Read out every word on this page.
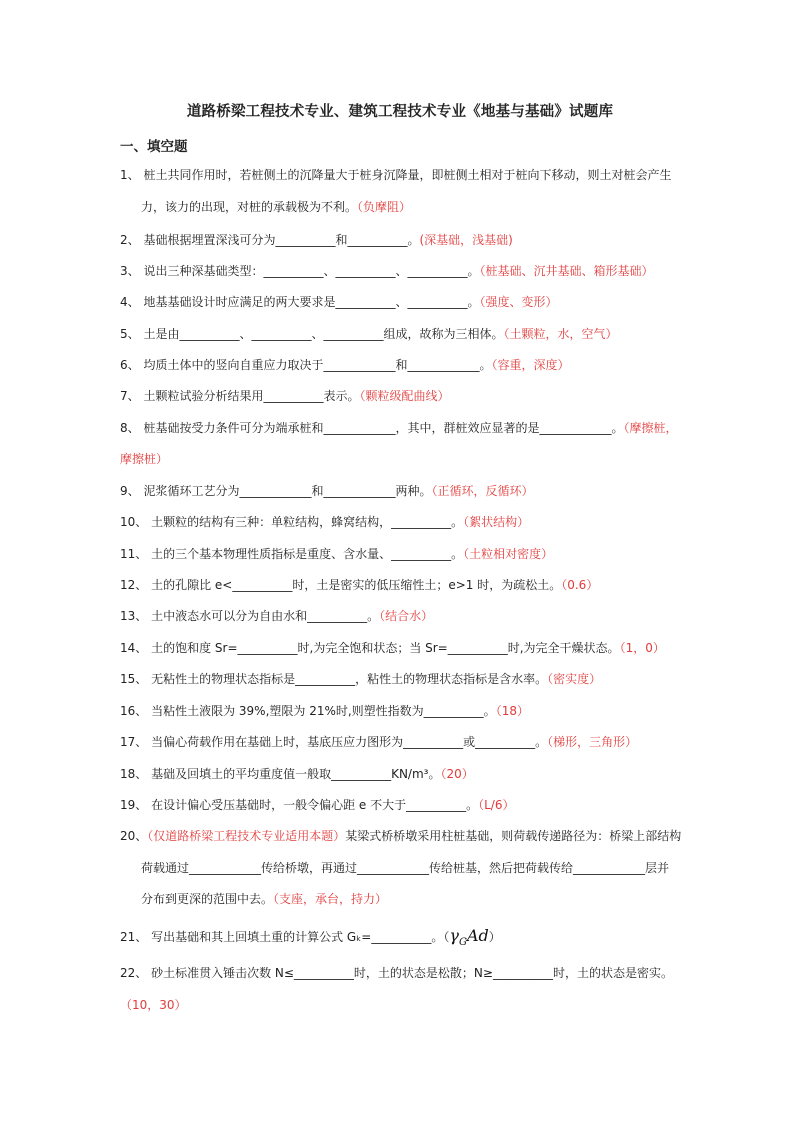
道路桥梁工程技术专业、建筑工程技术专业《地基与基础》试题库
一、填空题
1、 桩土共同作用时，若桩侧土的沉降量大于桩身沉降量，即桩侧土相对于桩向下移动，则土对桩会产生
力，该力的出现，对桩的承载极为不利。（负摩阻）
2、 基础根据埋置深浅可分为__________和__________。(深基础，浅基础)
3、 说出三种深基础类型：__________、__________、__________。（桩基础、沉井基础、箱形基础）
4、 地基基础设计时应满足的两大要求是__________、__________。（强度、变形）
5、 土是由__________、__________、__________组成，故称为三相体。（土颗粒，水，空气）
6、 均质土体中的竖向自重应力取决于____________和____________。（容重，深度）
7、 土颗粒试验分析结果用__________表示。（颗粒级配曲线）
8、 桩基础按受力条件可分为端承桩和____________，其中，群桩效应显著的是____________。（摩擦桩，
摩擦桩）
9、 泥浆循环工艺分为____________和____________两种。（正循环，反循环）
10、 土颗粒的结构有三种：单粒结构，蜂窝结构，__________。（絮状结构）
11、 土的三个基本物理性质指标是重度、含水量、__________。（土粒相对密度）
12、 土的孔隙比 e<__________时，土是密实的低压缩性土；e>1 时，为疏松土。（0.6）
13、 土中液态水可以分为自由水和__________。（结合水）
14、 土的饱和度 Sr=__________时,为完全饱和状态；当 Sr=__________时,为完全干燥状态。（1，0）
15、 无粘性土的物理状态指标是__________，粘性土的物理状态指标是含水率。（密实度）
16、 当粘性土液限为 39%,塑限为 21%时,则塑性指数为__________。（18）
17、 当偏心荷载作用在基础上时，基底压应力图形为__________或__________。（梯形，三角形）
18、 基础及回填土的平均重度值一般取__________KN/m³。（20）
19、 在设计偏心受压基础时，一般令偏心距 e 不大于__________。（L/6）
20、（仅道路桥梁工程技术专业适用本题）某梁式桥桥墩采用柱桩基础，则荷载传递路径为：桥梁上部结构
荷载通过____________传给桥墩，再通过____________传给桩基，然后把荷载传给____________层并
分布到更深的范围中去。（支座，承台，持力）
21、 写出基础和其上回填土重的计算公式 Gₖ=__________。$(\gamma_GAd)$
22、 砂土标准贯入锤击次数 N≤__________时，土的状态是松散；N≥__________时，土的状态是密实。
（10，30）
